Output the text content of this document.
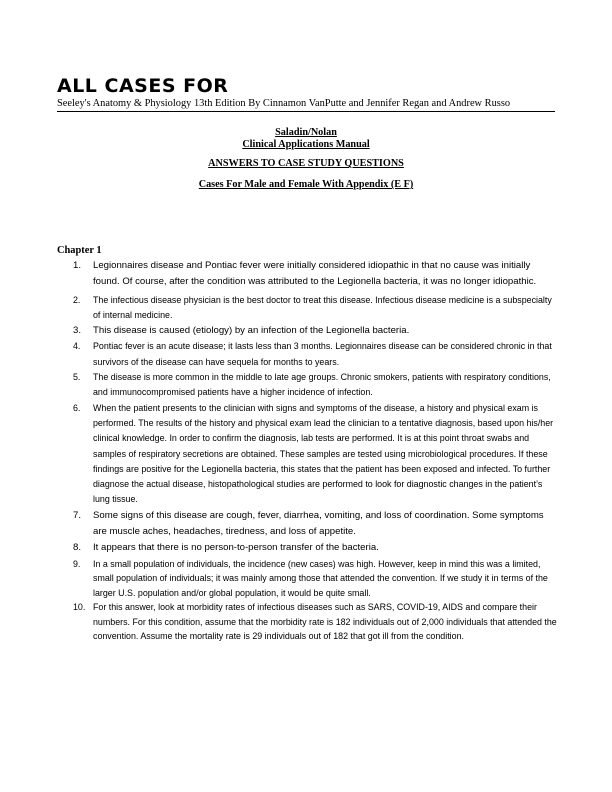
ALL CASES FOR
Seeley's Anatomy & Physiology 13th Edition By Cinnamon VanPutte and Jennifer Regan and Andrew Russo
Saladin/Nolan
Clinical Applications Manual
ANSWERS TO CASE STUDY QUESTIONS
Cases For Male and Female With Appendix (E F)
Chapter 1
1. Legionnaires disease and Pontiac fever were initially considered idiopathic in that no cause was initially found. Of course, after the condition was attributed to the Legionella bacteria, it was no longer idiopathic.
2. The infectious disease physician is the best doctor to treat this disease. Infectious disease medicine is a subspecialty of internal medicine.
3. This disease is caused (etiology) by an infection of the Legionella bacteria.
4. Pontiac fever is an acute disease; it lasts less than 3 months. Legionnaires disease can be considered chronic in that survivors of the disease can have sequela for months to years.
5. The disease is more common in the middle to late age groups. Chronic smokers, patients with respiratory conditions, and immunocompromised patients have a higher incidence of infection.
6. When the patient presents to the clinician with signs and symptoms of the disease, a history and physical exam is performed. The results of the history and physical exam lead the clinician to a tentative diagnosis, based upon his/her clinical knowledge. In order to confirm the diagnosis, lab tests are performed. It is at this point throat swabs and samples of respiratory secretions are obtained. These samples are tested using microbiological procedures. If these findings are positive for the Legionella bacteria, this states that the patient has been exposed and infected. To further diagnose the actual disease, histopathological studies are performed to look for diagnostic changes in the patient’s lung tissue.
7. Some signs of this disease are cough, fever, diarrhea, vomiting, and loss of coordination. Some symptoms are muscle aches, headaches, tiredness, and loss of appetite.
8. It appears that there is no person-to-person transfer of the bacteria.
9. In a small population of individuals, the incidence (new cases) was high. However, keep in mind this was a limited, small population of individuals; it was mainly among those that attended the convention. If we study it in terms of the larger U.S. population and/or global population, it would be quite small.
10. For this answer, look at morbidity rates of infectious diseases such as SARS, COVID-19, AIDS and compare their numbers. For this condition, assume that the morbidity rate is 182 individuals out of 2,000 individuals that attended the convention. Assume the mortality rate is 29 individuals out of 182 that got ill from the condition.
